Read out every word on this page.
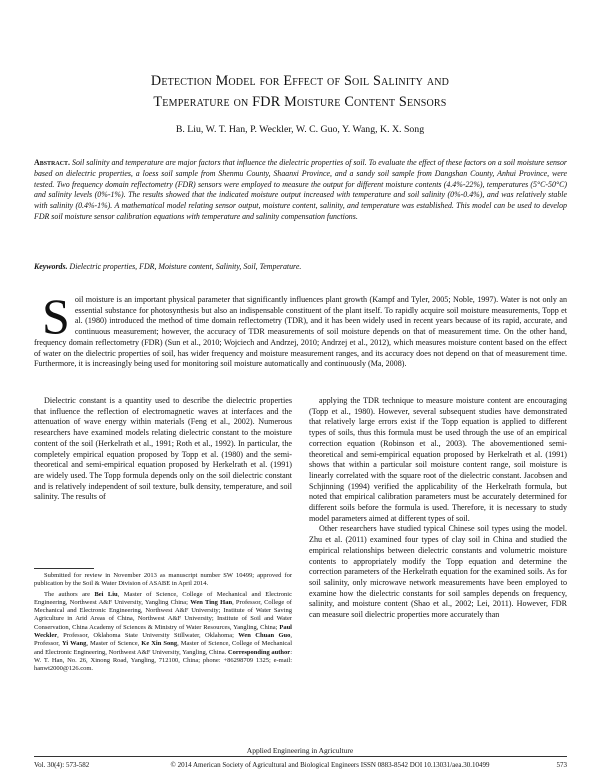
Detection Model for Effect of Soil Salinity and
Temperature on FDR Moisture Content Sensors
B. Liu, W. T. Han, P. Weckler, W. C. Guo, Y. Wang, K. X. Song
Abstract. Soil salinity and temperature are major factors that influence the dielectric properties of soil. To evaluate the effect of these factors on a soil moisture sensor based on dielectric properties, a loess soil sample from Shenmu County, Shaanxi Province, and a sandy soil sample from Dangshan County, Anhui Province, were tested. Two frequency domain reflectometry (FDR) sensors were employed to measure the output for different moisture contents (4.4%-22%), temperatures (5°C-50°C) and salinity levels (0%-1%). The results showed that the indicated moisture output increased with temperature and soil salinity (0%-0.4%), and was relatively stable with salinity (0.4%-1%). A mathematical model relating sensor output, moisture content, salinity, and temperature was established. This model can be used to develop FDR soil moisture sensor calibration equations with temperature and salinity compensation functions.
Keywords. Dielectric properties, FDR, Moisture content, Salinity, Soil, Temperature.
Soil moisture is an important physical parameter that significantly influences plant growth (Kampf and Tyler, 2005; Noble, 1997). Water is not only an essential substance for photosynthesis but also an indispensable constituent of the plant itself. To rapidly acquire soil moisture measurements, Topp et al. (1980) introduced the method of time domain reflectometry (TDR), and it has been widely used in recent years because of its rapid, accurate, and continuous measurement; however, the accuracy of TDR measurements of soil moisture depends on that of measurement time. On the other hand, frequency domain reflectometry (FDR) (Sun et al., 2010; Wojciech and Andrzej, 2010; Andrzej et al., 2012), which measures moisture content based on the effect of water on the dielectric properties of soil, has wider frequency and moisture measurement ranges, and its accuracy does not depend on that of measurement time. Furthermore, it is increasingly being used for monitoring soil moisture automatically and continuously (Ma, 2008).

Dielectric constant is a quantity used to describe the dielectric properties that influence the reflection of electromagnetic waves at interfaces and the attenuation of wave energy within materials (Feng et al., 2002). Numerous researchers have examined models relating dielectric constant to the moisture content of the soil (Herkelrath et al., 1991; Roth et al., 1992). In particular, the completely empirical equation proposed by Topp et al. (1980) and the semi-theoretical and semi-empirical equation proposed by Herkelrath et al. (1991) are widely used. The Topp formula depends only on the soil dielectric constant and is relatively independent of soil texture, bulk density, temperature, and soil salinity. The results of

applying the TDR technique to measure moisture content are encouraging (Topp et al., 1980). However, several subsequent studies have demonstrated that relatively large errors exist if the Topp equation is applied to different types of soils, thus this formula must be used through the use of an empirical correction equation (Robinson et al., 2003). The abovementioned semi-theoretical and semi-empirical equation proposed by Herkelrath et al. (1991) shows that within a particular soil moisture content range, soil moisture is linearly correlated with the square root of the dielectric constant. Jacobsen and Schjinning (1994) verified the applicability of the Herkelrath formula, but noted that empirical calibration parameters must be accurately determined for different soils before the formula is used. Therefore, it is necessary to study model parameters aimed at different types of soil.

Other researchers have studied typical Chinese soil types using the model. Zhu et al. (2011) examined four types of clay soil in China and studied the empirical relationships between dielectric constants and volumetric moisture contents to appropriately modify the Topp equation and determine the correction parameters of the Herkelrath equation for the examined soils. As for soil salinity, only microwave network measurements have been employed to examine how the dielectric constants for soil samples depends on frequency, salinity, and moisture content (Shao et al., 2002; Lei, 2011). However, FDR can measure soil dielectric properties more accurately than

Submitted for review in November 2013 as manuscript number SW 10499; approved for publication by the Soil & Water Division of ASABE in April 2014.

The authors are Bei Liu, Master of Science, College of Mechanical and Electronic Engineering, Northwest A&F University, Yangling China; Wen Ting Han, Professor, College of Mechanical and Electronic Engineering, Northwest A&F University; Institute of Water Saving Agriculture in Arid Areas of China, Northwest A&F University; Institute of Soil and Water Conservation, China Academy of Sciences & Ministry of Water Resources, Yangling, China; Paul Weckler, Professor, Oklahoma State University Stillwater, Oklahoma; Wen Chuan Guo, Professor, Yi Wang, Master of Science, Ke Xin Song, Master of Science, College of Mechanical and Electronic Engineering, Northwest A&F University, Yangling, China. Corresponding author: W. T. Han, No. 26, Xinong Road, Yangling, 712100, China; phone: +86298709 1325; e-mail: hanwt2000@126.com.

Applied Engineering in Agriculture
Vol. 30(4): 573-582	© 2014 American Society of Agricultural and Biological Engineers ISSN 0883-8542 DOI 10.13031/aea.30.10499	573
